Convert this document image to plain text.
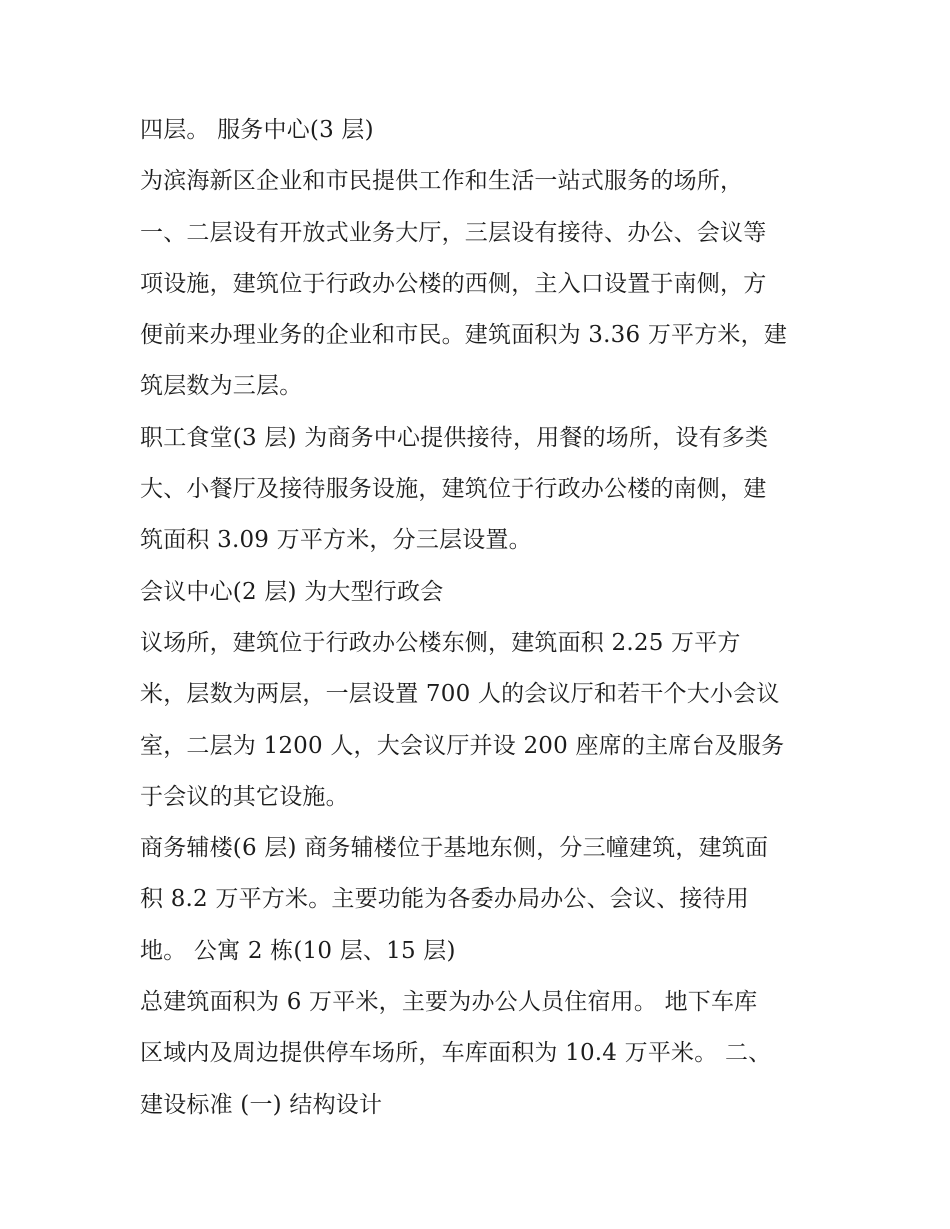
四层。 服务中心(3 层)
为滨海新区企业和市民提供工作和生活一站式服务的场所，
一、二层设有开放式业务大厅，三层设有接待、办公、会议等
项设施，建筑位于行政办公楼的西侧，主入口设置于南侧，方
便前来办理业务的企业和市民。建筑面积为 3.36 万平方米，建
筑层数为三层。
职工食堂(3 层) 为商务中心提供接待，用餐的场所，设有多类
大、小餐厅及接待服务设施，建筑位于行政办公楼的南侧，建
筑面积 3.09 万平方米，分三层设置。
会议中心(2 层) 为大型行政会
议场所，建筑位于行政办公楼东侧，建筑面积 2.25 万平方
米，层数为两层，一层设置 700 人的会议厅和若干个大小会议
室，二层为 1200 人，大会议厅并设 200 座席的主席台及服务
于会议的其它设施。
商务辅楼(6 层) 商务辅楼位于基地东侧，分三幢建筑，建筑面
积 8.2 万平方米。主要功能为各委办局办公、会议、接待用
地。 公寓 2 栋(10 层、15 层)
总建筑面积为 6 万平米，主要为办公人员住宿用。 地下车库
区域内及周边提供停车场所，车库面积为 10.4 万平米。 二、
建设标准 (一) 结构设计
